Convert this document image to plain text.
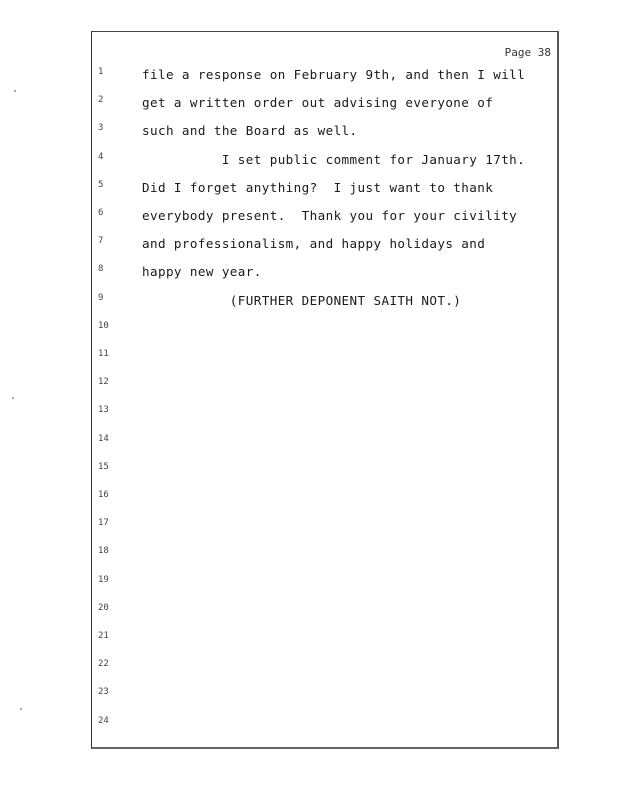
Page 38
1	file a response on February 9th, and then I will
2	get a written order out advising everyone of
3	such and the Board as well.
4	I set public comment for January 17th.
5	Did I forget anything?  I just want to thank
6	everybody present.  Thank you for your civility
7	and professionalism, and happy holidays and
8	happy new year.
9	(FURTHER DEPONENT SAITH NOT.)
10
11
12
13
14
15
16
17
18
19
20
21
22
23
24
